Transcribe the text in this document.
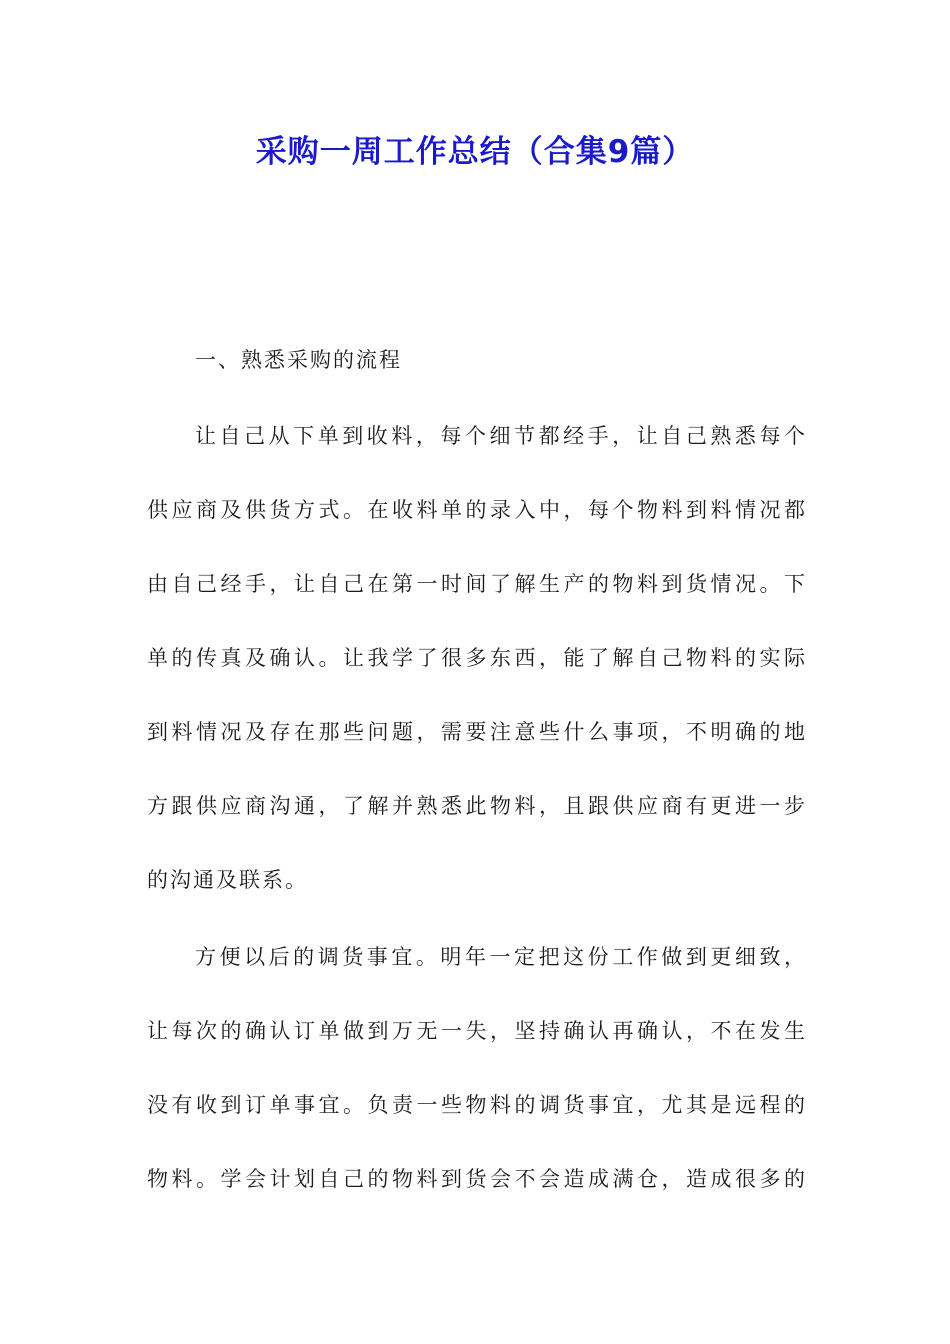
采购一周工作总结（合集9篇）
一、熟悉采购的流程
让自己从下单到收料，每个细节都经手，让自己熟悉每个
供应商及供货方式。在收料单的录入中，每个物料到料情况都
由自己经手，让自己在第一时间了解生产的物料到货情况。下
单的传真及确认。让我学了很多东西，能了解自己物料的实际
到料情况及存在那些问题，需要注意些什么事项，不明确的地
方跟供应商沟通，了解并熟悉此物料，且跟供应商有更进一步
的沟通及联系。
方便以后的调货事宜。明年一定把这份工作做到更细致，
让每次的确认订单做到万无一失，坚持确认再确认，不在发生
没有收到订单事宜。负责一些物料的调货事宜，尤其是远程的
物料。学会计划自己的物料到货会不会造成满仓，造成很多的
